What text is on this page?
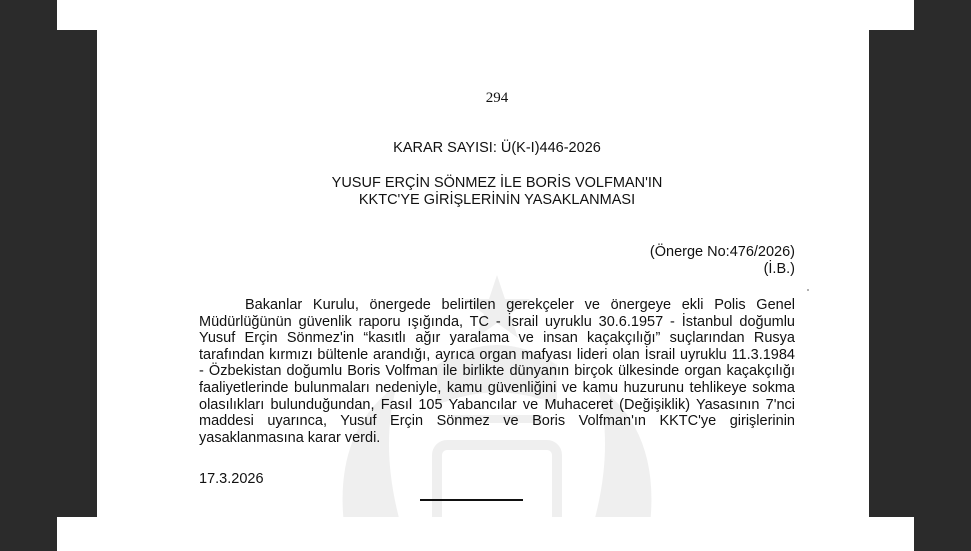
294
KARAR SAYISI: Ü(K-I)446-2026
YUSUF ERÇİN SÖNMEZ İLE BORİS VOLFMAN'IN
KKTC'YE GİRİŞLERİNİN YASAKLANMASI
(Önerge No:476/2026)
(İ.B.)

Bakanlar Kurulu, önergede belirtilen gerekçeler ve önergeye ekli Polis Genel Müdürlüğünün güvenlik raporu ışığında, TC - İsrail uyruklu 30.6.1957 - İstanbul doğumlu Yusuf Erçin Sönmez'in “kasıtlı ağır yaralama ve insan kaçakçılığı” suçlarından Rusya tarafından kırmızı bültenle arandığı, ayrıca organ mafyası lideri olan İsrail uyruklu 11.3.1984 - Özbekistan doğumlu Boris Volfman ile birlikte dünyanın birçok ülkesinde organ kaçakçılığı faaliyetlerinde bulunmaları nedeniyle, kamu güvenliğini ve kamu huzurunu tehlikeye sokma olasılıkları bulunduğundan, Fasıl 105 Yabancılar ve Muhaceret (Değişiklik) Yasasının 7'nci maddesi uyarınca, Yusuf Erçin Sönmez ve Boris Volfman'ın KKTC'ye girişlerinin yasaklanmasına karar verdi.

17.3.2026
